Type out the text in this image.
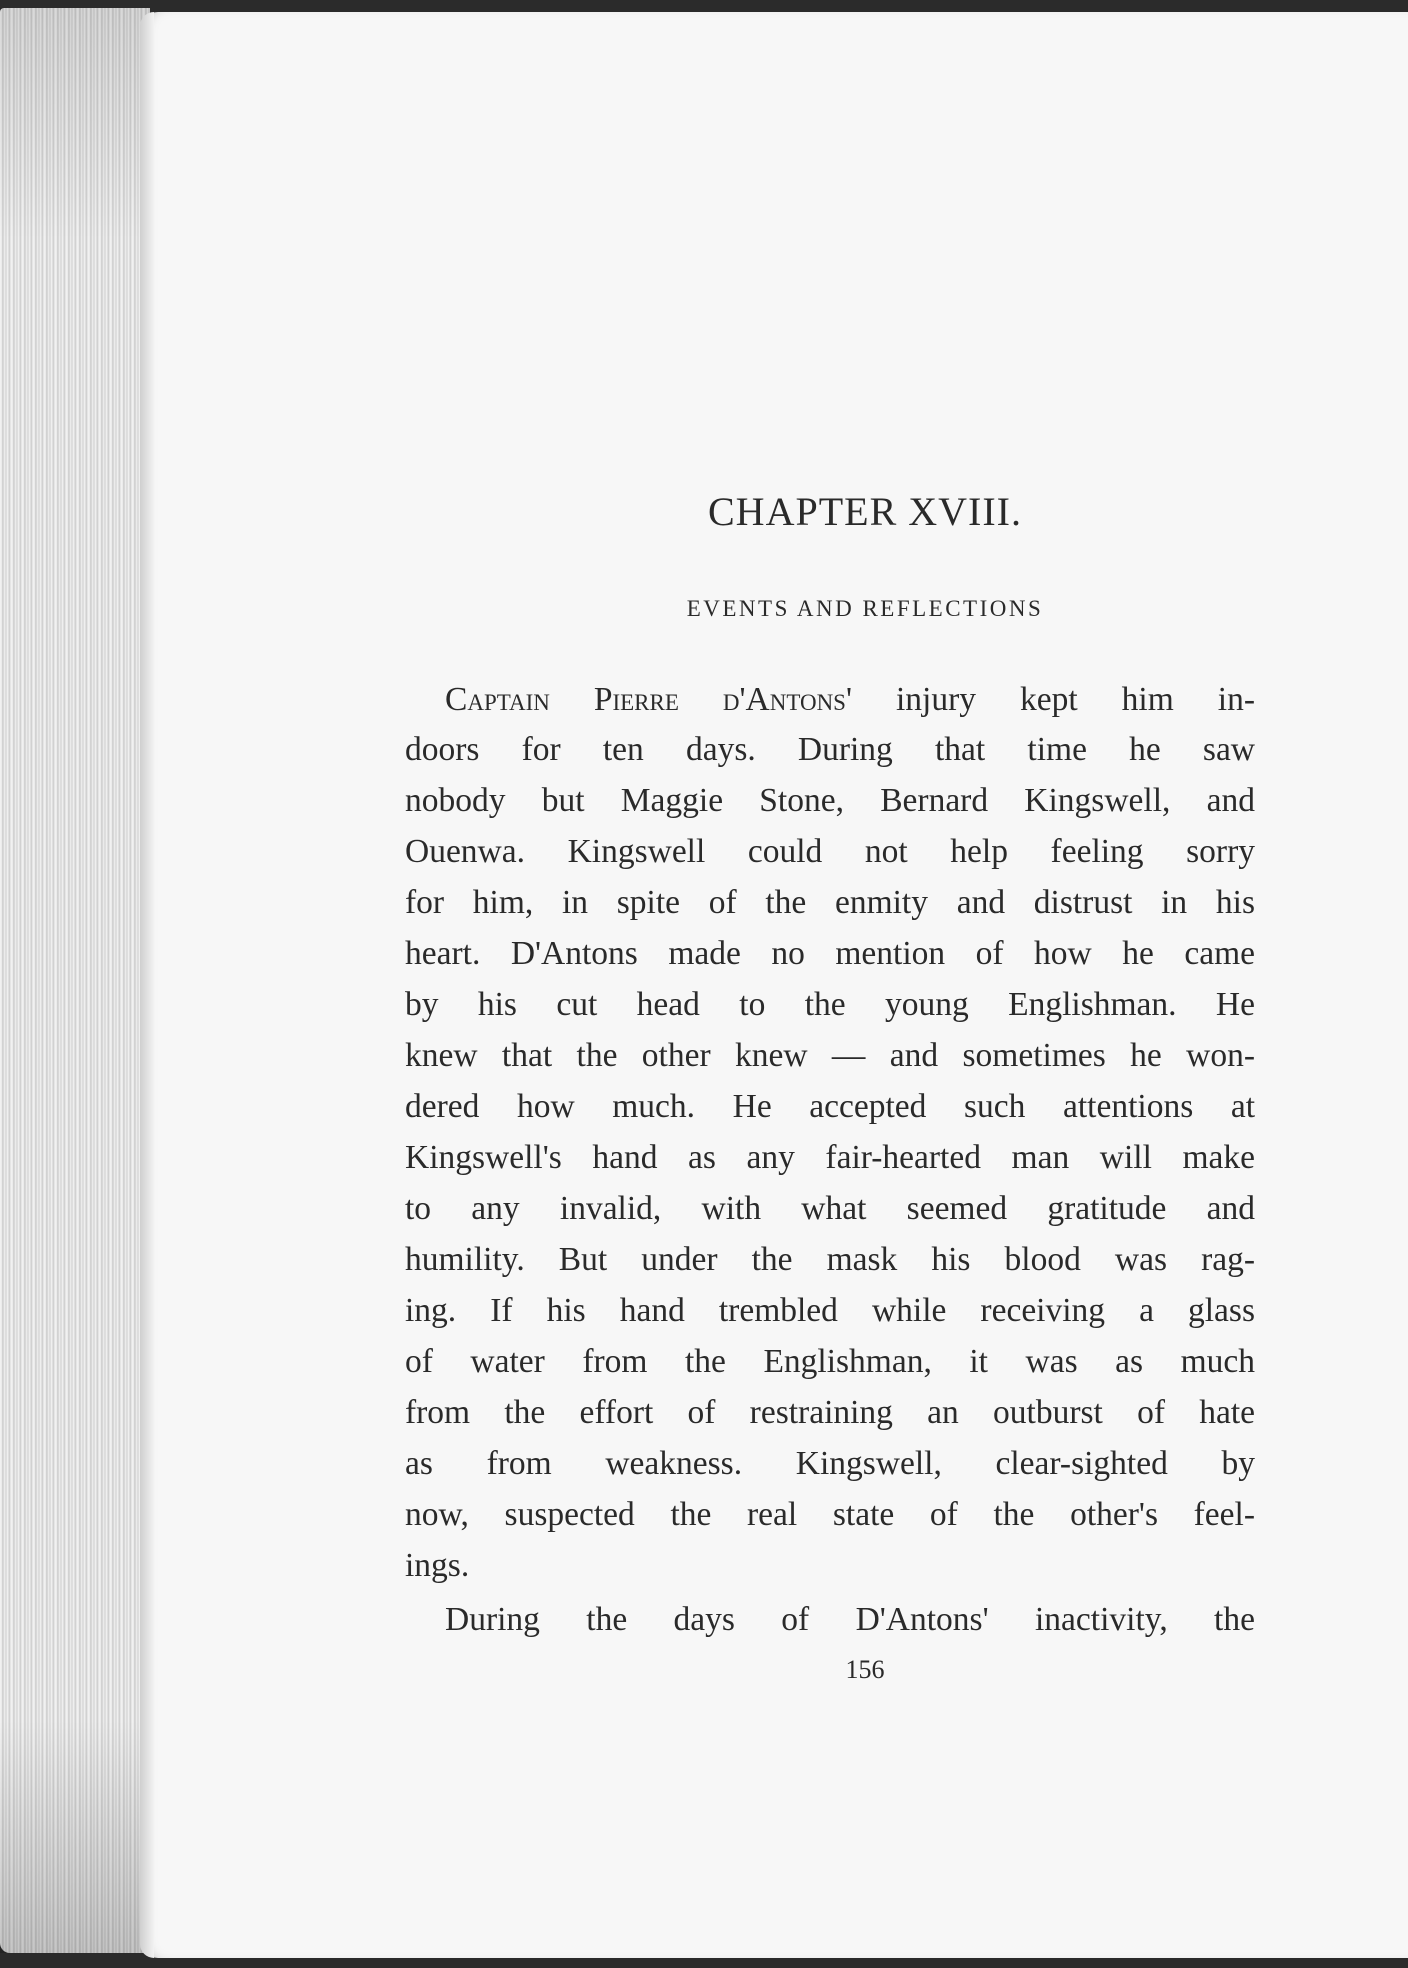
CHAPTER XVIII.
EVENTS AND REFLECTIONS
Captain Pierre d'Antons' injury kept him in-
doors for ten days. During that time he saw
nobody but Maggie Stone, Bernard Kingswell, and
Ouenwa. Kingswell could not help feeling sorry
for him, in spite of the enmity and distrust in his
heart. D'Antons made no mention of how he came
by his cut head to the young Englishman. He
knew that the other knew — and sometimes he won-
dered how much. He accepted such attentions at
Kingswell's hand as any fair-hearted man will make
to any invalid, with what seemed gratitude and
humility. But under the mask his blood was rag-
ing. If his hand trembled while receiving a glass
of water from the Englishman, it was as much
from the effort of restraining an outburst of hate
as from weakness. Kingswell, clear-sighted by
now, suspected the real state of the other's feel-
ings.
During the days of D'Antons' inactivity, the
156
